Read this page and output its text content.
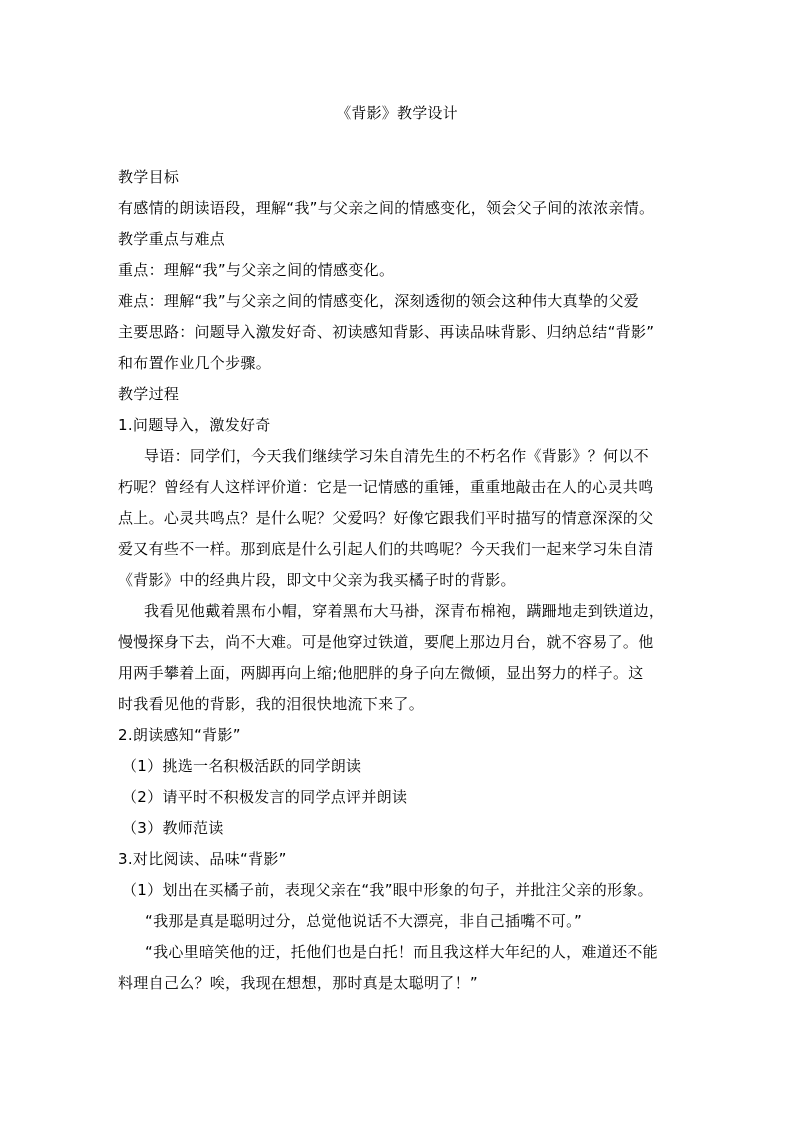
《背影》教学设计
教学目标
有感情的朗读语段，理解“我”与父亲之间的情感变化，领会父子间的浓浓亲情。
教学重点与难点
重点：理解“我”与父亲之间的情感变化。
难点：理解“我”与父亲之间的情感变化，深刻透彻的领会这种伟大真挚的父爱
主要思路：问题导入激发好奇、初读感知背影、再读品味背影、归纳总结“背影”
和布置作业几个步骤。
教学过程
1.问题导入，激发好奇
导语：同学们，今天我们继续学习朱自清先生的不朽名作《背影》？何以不
朽呢？曾经有人这样评价道：它是一记情感的重锤，重重地敲击在人的心灵共鸣
点上。心灵共鸣点？是什么呢？父爱吗？好像它跟我们平时描写的情意深深的父
爱又有些不一样。那到底是什么引起人们的共鸣呢？今天我们一起来学习朱自清
《背影》中的经典片段，即文中父亲为我买橘子时的背影。
我看见他戴着黑布小帽，穿着黑布大马褂，深青布棉袍，蹒跚地走到铁道边，
慢慢探身下去，尚不大难。可是他穿过铁道，要爬上那边月台，就不容易了。他
用两手攀着上面，两脚再向上缩;他肥胖的身子向左微倾，显出努力的样子。这
时我看见他的背影，我的泪很快地流下来了。
2.朗读感知“背影”
（1）挑选一名积极活跃的同学朗读
（2）请平时不积极发言的同学点评并朗读
（3）教师范读
3.对比阅读、品味“背影”
（1）划出在买橘子前，表现父亲在“我”眼中形象的句子，并批注父亲的形象。
“我那是真是聪明过分，总觉他说话不大漂亮，非自己插嘴不可。”
“我心里暗笑他的迂，托他们也是白托！而且我这样大年纪的人，难道还不能
料理自己么？唉，我现在想想，那时真是太聪明了！”
